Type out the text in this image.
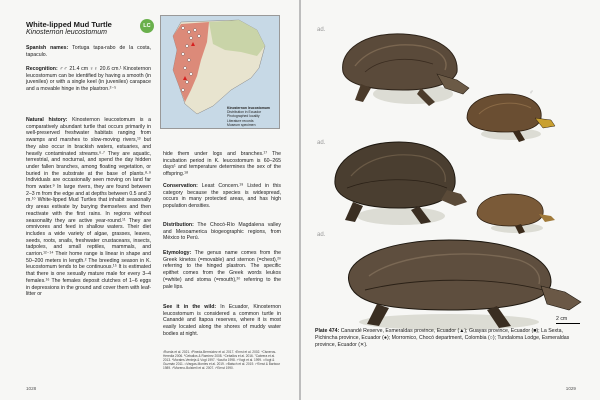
White-lipped Mud Turtle
Kinosternon leucostomum
LC
Kinosternon leucostomum
Distribution in Ecuador
Photographed locality
Literature records
Museum specimen
Spanish names: Tortuga tapa-rabo de la costa, tapaculo.
Recognition: ♂♂ 21.4 cm ♀♀ 20.6 cm.¹ Kinosternon leucostomum can be identified by having a smooth (in juveniles) or with a single keel (in juveniles) carapace and a movable hinge in the plastron.²⁻⁵
Natural history: Kinosternon leucostomum is a comparatively abundant turtle that occurs primarily in well-preserved freshwater habitats ranging from swamps and marshes to slow-moving rivers,¹³ but they also occur in brackish waters, estuaries, and heavily contaminated streams.⁶·⁷ They are aquatic, terrestrial, and nocturnal, and spend the day hidden under fallen branches, among floating vegetation, or buried in the substrate at the base of plants.⁸·⁹ Individuals are occasionally seen moving on land far from water.⁹ In large rivers, they are found between 2–3 m from the edge and at depths between 0.5 and 3 m.¹⁰ White-lipped Mud Turtles that inhabit seasonally dry areas estivate by burying themselves and then reactivate with the first rains. In regions without seasonality they are active year-round.¹¹ They are omnivores and feed in shallow waters. Their diet includes a wide variety of algae, grasses, leaves, seeds, roots, snails, freshwater crustaceans, insects, tadpoles, and small reptiles, mammals, and carrion.¹²⁻¹⁴ Their home range is linear in shape and 50–200 meters in length.² The breeding season in K. leucostomum tends to be continuous.¹⁵ It is estimated that there is one sexually mature male for every 3–4 females.¹⁶ The females deposit clutches of 1–6 eggs in depressions in the ground and cover them with leaf-litter or
hide them under logs and branches.¹⁷ The incubation period in K. leucostomum is 60–265 days¹ and temperature determines the sex of the offspring.¹⁸
Conservation: Least Concern.¹⁹ Listed in this category because the species is widespread, occurs in many protected areas, and has high population densities.
Distribution: The Chocó-Río Magdalena valley and Mesoamerica biogeographic regions, from México to Perú.
Etymology: The genus name comes from the Greek kinetos (=movable) and sternon (=chest),²⁰ referring to the hinged plastron. The specific epithet comes from the Greek words leukos (=white) and stoma (=mouth),²⁰ referring to the pale lips.
See it in the wild: In Ecuador, Kinosternon leucostomum is considered a common turtle in Canandé and Itapoa reserves, where it is most easily located along the shores of muddy water bodies at night.
¹Rueda et al. 2021. ²Pineda-Bermúdez et al. 2017. ³Ernst et al. 2002. ⁴Cisneros-Heredia 2006. ⁵Ceballos & Ramírez 2008. ⁶Ceballos et al. 2016. ⁷Cabrera et al. 2013. ⁸Morales-Verdeja & Vogt 1997. ⁹Acuña 1998. ¹⁰Vogt et al. 1999. ¹¹Vogt & Guzmán 2011. ¹²Vargas-Montes et al. 2019. ¹³Batsch et al. 2019. ¹⁴Ernst & Barbour 1989. ¹⁵Moreno-Bolsterli et al. 2007. ¹⁶Ernst 1990.
1028
ad.
♂
ad.
ad.
2 cm
Plate 474: Canandé Reserve, Esmeraldas province, Ecuador (▲); Guayas province, Ecuador (■); La Sexta, Pichincha province, Ecuador (●); Morromico, Chocó department, Colombia (○); Tundaloma Lodge, Esmeraldas province, Ecuador (✕).
1029
